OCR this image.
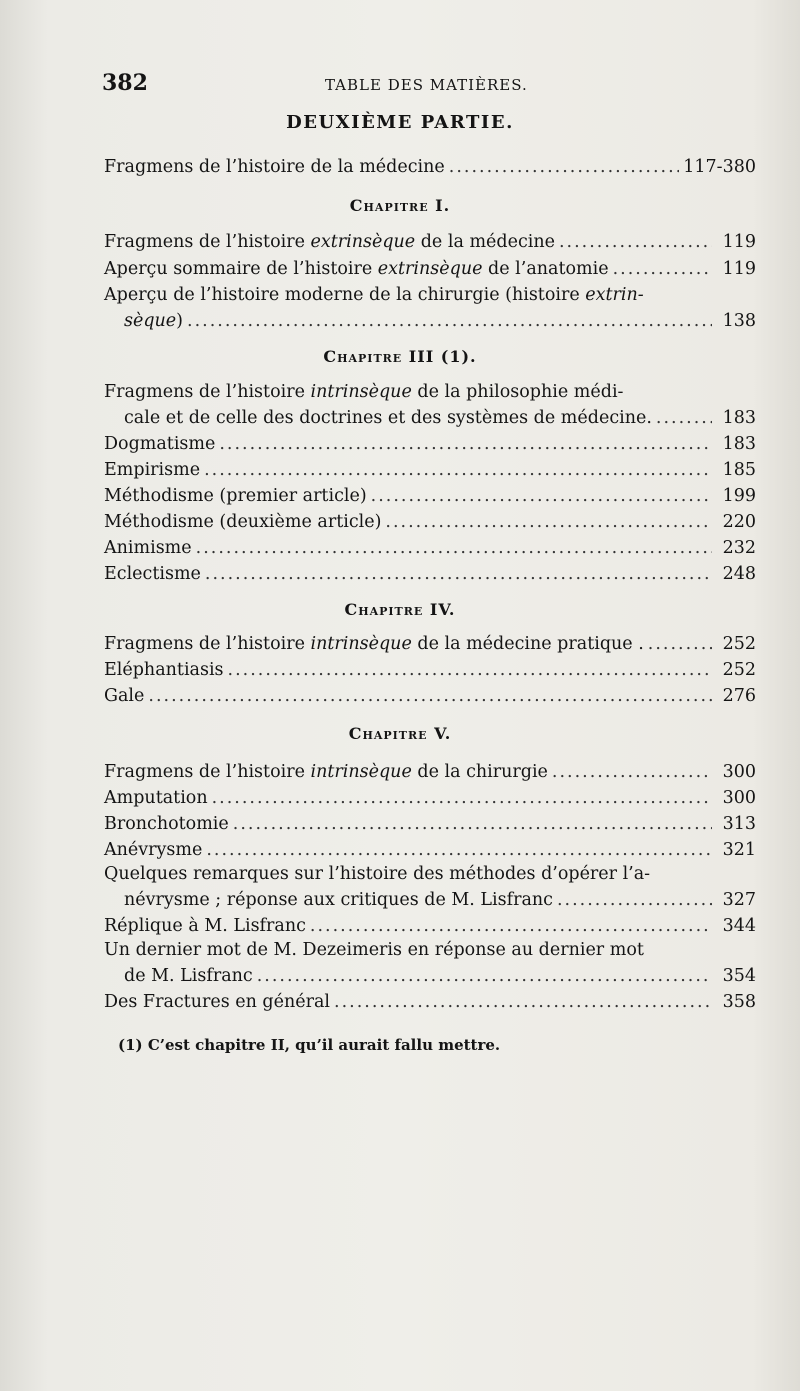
382	TABLE DES MATIÈRES.
DEUXIÈME PARTIE.
Fragmens de l’histoire de la médecine .....	117-380
Chapitre I.
Fragmens de l’histoire extrinsèque de la médecine .....	119
Aperçu sommaire de l’histoire extrinsèque de l’anatomie .....	119
Aperçu de l’histoire moderne de la chirurgie (histoire extrin-
sèque) .....	138
Chapitre III (1).
Fragmens de l’histoire intrinsèque de la philosophie médi-
cale et de celle des doctrines et des systèmes de médecine. .....	183
Dogmatisme .....	183
Empirisme .....	185
Méthodisme (premier article) .....	199
Méthodisme (deuxième article) .....	220
Animisme .....	232
Eclectisme .....	248
Chapitre IV.
Fragmens de l’histoire intrinsèque de la médecine pratique . .....	252
Eléphantiasis .....	252
Gale .....	276
Chapitre V.
Fragmens de l’histoire intrinsèque de la chirurgie .....	300
Amputation .....	300
Bronchotomie .....	313
Anévrysme .....	321
Quelques remarques sur l’histoire des méthodes d’opérer l’a-
névrysme ; réponse aux critiques de M. Lisfranc .....	327
Réplique à M. Lisfranc .....	344
Un dernier mot de M. Dezeimeris en réponse au dernier mot
de M. Lisfranc .....	354
Des Fractures en général .....	358
(1) C’est chapitre II, qu’il aurait fallu mettre.
